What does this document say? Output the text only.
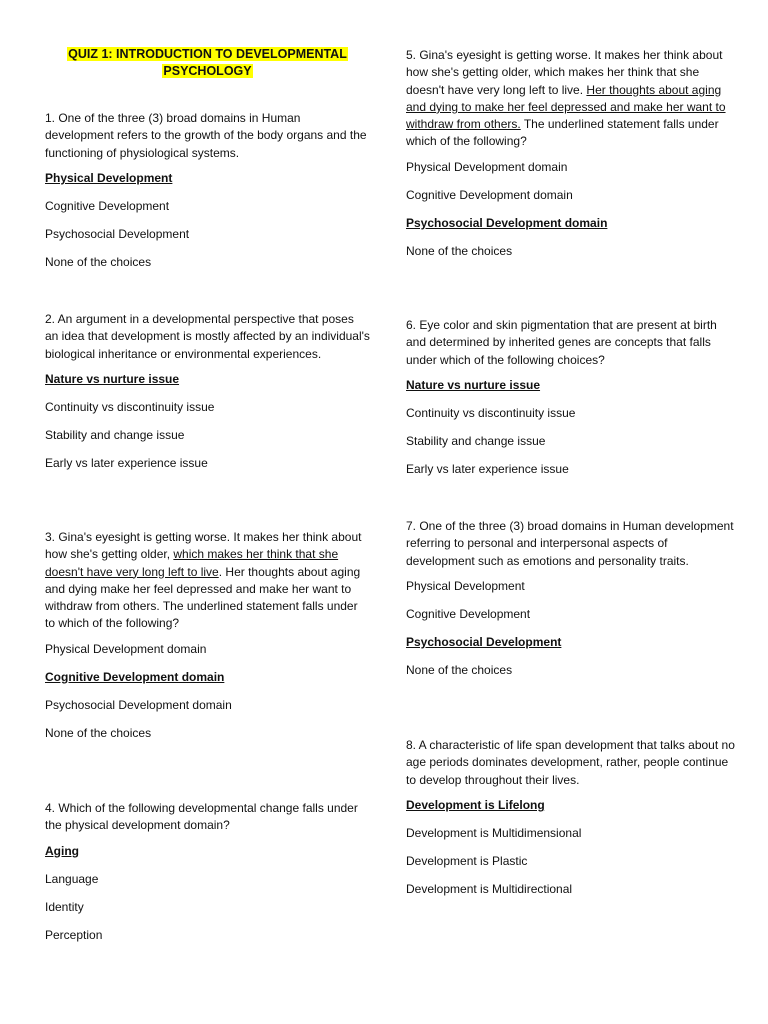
QUIZ 1: INTRODUCTION TO DEVELOPMENTAL
PSYCHOLOGY
1. One of the three (3) broad domains in Human development refers to the growth of the body organs and the functioning of physiological systems.
Physical Development
Cognitive Development
Psychosocial Development
None of the choices
2. An argument in a developmental perspective that poses an idea that development is mostly affected by an individual's biological inheritance or environmental experiences.
Nature vs nurture issue
Continuity vs discontinuity issue
Stability and change issue
Early vs later experience issue
3. Gina's eyesight is getting worse. It makes her think about how she's getting older, which makes her think that she doesn't have very long left to live. Her thoughts about aging and dying make her feel depressed and make her want to withdraw from others. The underlined statement falls under to which of the following?
Physical Development domain
Cognitive Development domain
Psychosocial Development domain
None of the choices
4. Which of the following developmental change falls under the physical development domain?
Aging
Language
Identity
Perception
5. Gina's eyesight is getting worse. It makes her think about how she's getting older, which makes her think that she doesn't have very long left to live. Her thoughts about aging and dying to make her feel depressed and make her want to withdraw from others. The underlined statement falls under which of the following?
Physical Development domain
Cognitive Development domain
Psychosocial Development domain
None of the choices
6. Eye color and skin pigmentation that are present at birth and determined by inherited genes are concepts that falls under which of the following choices?
Nature vs nurture issue
Continuity vs discontinuity issue
Stability and change issue
Early vs later experience issue
7. One of the three (3) broad domains in Human development referring to personal and interpersonal aspects of development such as emotions and personality traits.
Physical Development
Cognitive Development
Psychosocial Development
None of the choices
8. A characteristic of life span development that talks about no age periods dominates development, rather, people continue to develop throughout their lives.
Development is Lifelong
Development is Multidimensional
Development is Plastic
Development is Multidirectional
